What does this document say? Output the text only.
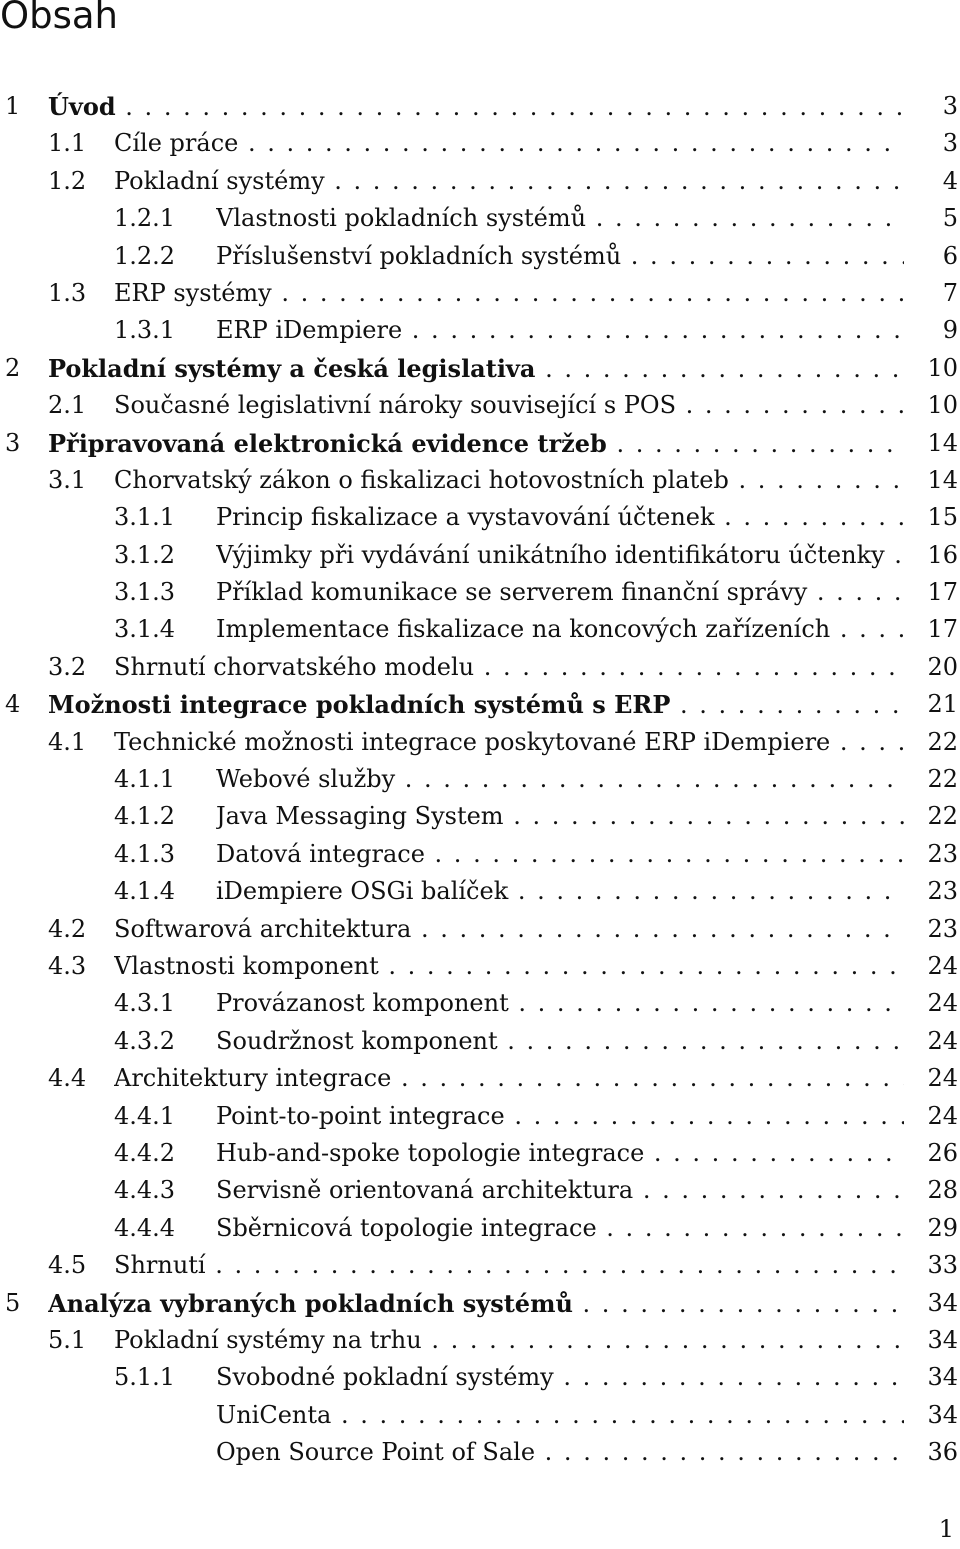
Obsah
1 Úvod . . .	3
1.1 Cíle práce . . .	3
1.2 Pokladní systémy . . .	4
1.2.1 Vlastnosti pokladních systémů . . .	5
1.2.2 Příslušenství pokladních systémů . . .	6
1.3 ERP systémy . . .	7
1.3.1 ERP iDempiere . . .	9
2 Pokladní systémy a česká legislativa . . .	10
2.1 Současné legislativní nároky související s POS . . .	10
3 Připravovaná elektronická evidence tržeb . . .	14
3.1 Chorvatský zákon o fiskalizaci hotovostních plateb . . .	14
3.1.1 Princip fiskalizace a vystavování účtenek . . .	15
3.1.2 Výjimky při vydávání unikátního identifikátoru účtenky . . .	16
3.1.3 Příklad komunikace se serverem finanční správy . . .	17
3.1.4 Implementace fiskalizace na koncových zařízeních . . .	17
3.2 Shrnutí chorvatského modelu . . .	20
4 Možnosti integrace pokladních systémů s ERP . . .	21
4.1 Technické možnosti integrace poskytované ERP iDempiere . . .	22
4.1.1 Webové služby . . .	22
4.1.2 Java Messaging System . . .	22
4.1.3 Datová integrace . . .	23
4.1.4 iDempiere OSGi balíček . . .	23
4.2 Softwarová architektura . . .	23
4.3 Vlastnosti komponent . . .	24
4.3.1 Provázanost komponent . . .	24
4.3.2 Soudržnost komponent . . .	24
4.4 Architektury integrace . . .	24
4.4.1 Point-to-point integrace . . .	24
4.4.2 Hub-and-spoke topologie integrace . . .	26
4.4.3 Servisně orientovaná architektura . . .	28
4.4.4 Sběrnicová topologie integrace . . .	29
4.5 Shrnutí . . .	33
5 Analýza vybraných pokladních systémů . . .	34
5.1 Pokladní systémy na trhu . . .	34
5.1.1 Svobodné pokladní systémy . . .	34
UniCenta . . .	34
Open Source Point of Sale . . .	36
1
